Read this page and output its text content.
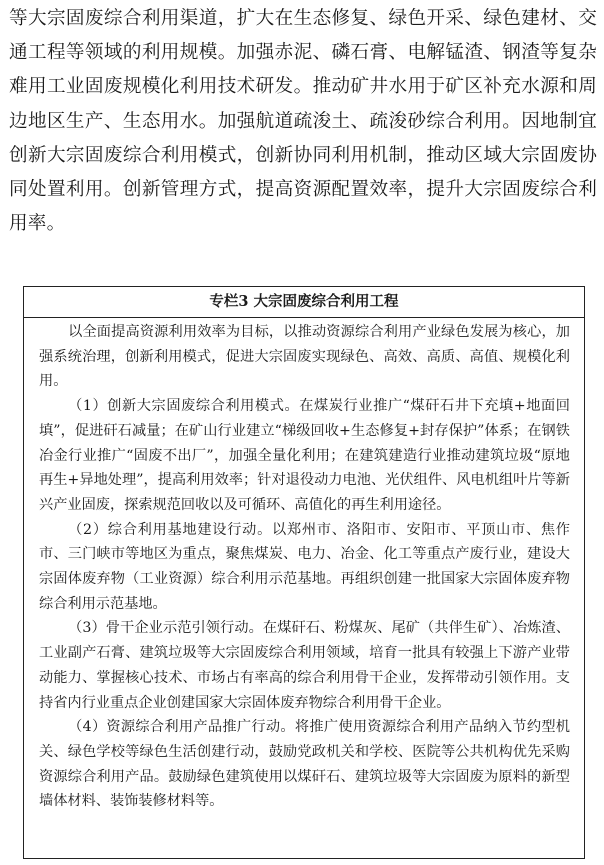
等大宗固废综合利用渠道，扩大在生态修复、绿色开采、绿色建材、交通工程等领域的利用规模。加强赤泥、磷石膏、电解锰渣、钢渣等复杂难用工业固废规模化利用技术研发。推动矿井水用于矿区补充水源和周边地区生产、生态用水。加强航道疏浚土、疏浚砂综合利用。因地制宜创新大宗固废综合利用模式，创新协同利用机制，推动区域大宗固废协同处置利用。创新管理方式，提高资源配置效率，提升大宗固废综合利用率。

专栏3 大宗固废综合利用工程

以全面提高资源利用效率为目标，以推动资源综合利用产业绿色发展为核心，加强系统治理，创新利用模式，促进大宗固废实现绿色、高效、高质、高值、规模化利用。

（1）创新大宗固废综合利用模式。在煤炭行业推广“煤矸石井下充填+地面回填”，促进矸石减量；在矿山行业建立“梯级回收+生态修复+封存保护”体系；在钢铁冶金行业推广“固废不出厂”，加强全量化利用；在建筑建造行业推动建筑垃圾“原地再生+异地处理”，提高利用效率；针对退役动力电池、光伏组件、风电机组叶片等新兴产业固废，探索规范回收以及可循环、高值化的再生利用途径。

（2）综合利用基地建设行动。以郑州市、洛阳市、安阳市、平顶山市、焦作市、三门峡市等地区为重点，聚焦煤炭、电力、冶金、化工等重点产废行业，建设大宗固体废弃物（工业资源）综合利用示范基地。再组织创建一批国家大宗固体废弃物综合利用示范基地。

（3）骨干企业示范引领行动。在煤矸石、粉煤灰、尾矿（共伴生矿）、冶炼渣、工业副产石膏、建筑垃圾等大宗固废综合利用领域，培育一批具有较强上下游产业带动能力、掌握核心技术、市场占有率高的综合利用骨干企业，发挥带动引领作用。支持省内行业重点企业创建国家大宗固体废弃物综合利用骨干企业。

（4）资源综合利用产品推广行动。将推广使用资源综合利用产品纳入节约型机关、绿色学校等绿色生活创建行动，鼓励党政机关和学校、医院等公共机构优先采购资源综合利用产品。鼓励绿色建筑使用以煤矸石、建筑垃圾等大宗固废为原料的新型墙体材料、装饰装修材料等。
